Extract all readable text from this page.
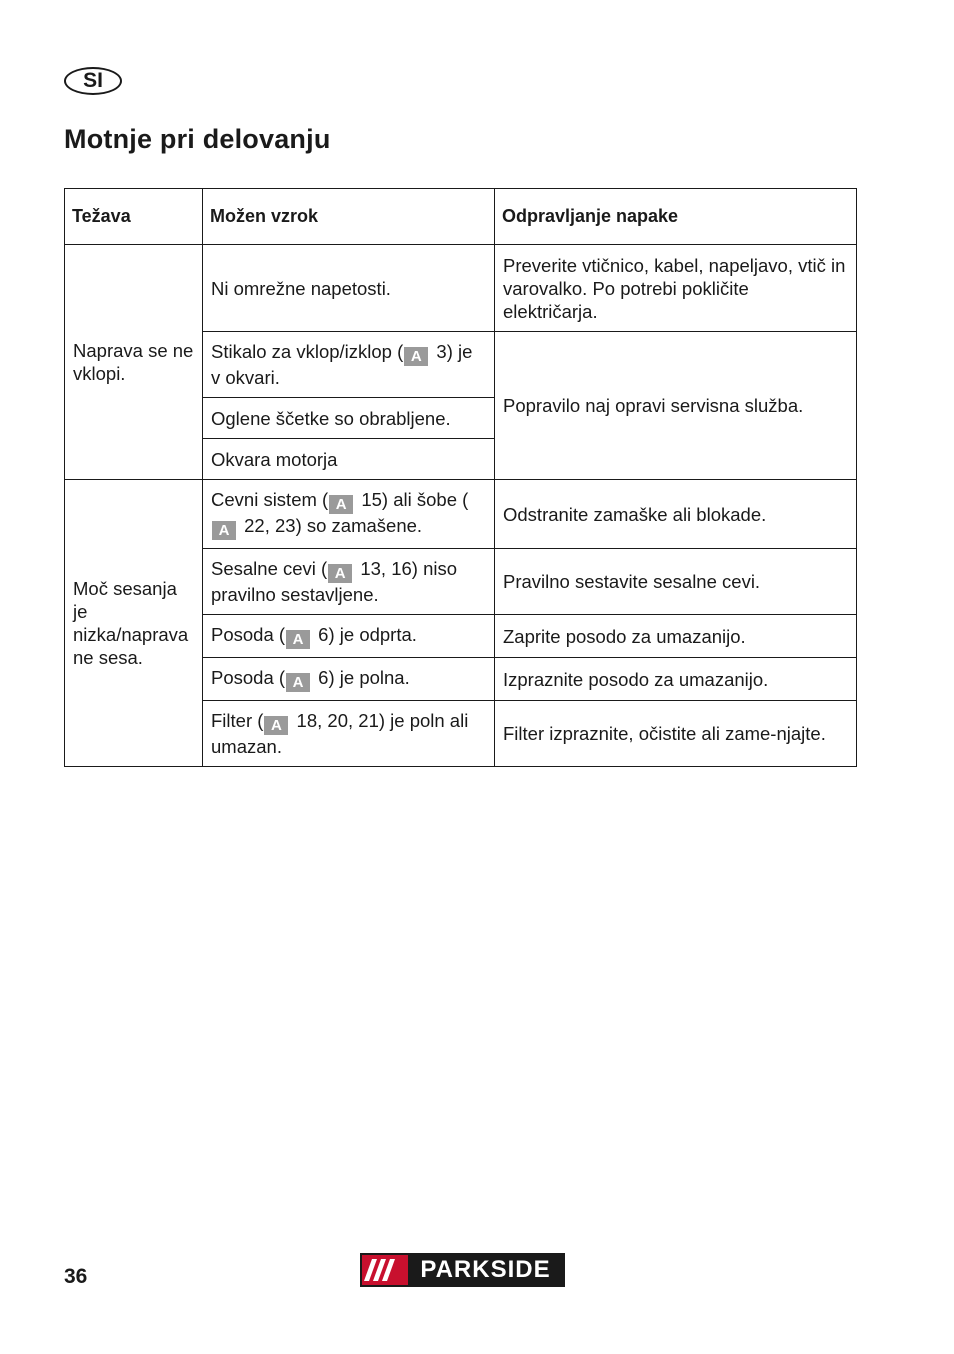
SI
Motnje pri delovanju
Težava	Možen vzrok	Odpravljanje napake
Naprava se ne vklopi.	Ni omrežne napetosti.	Preverite vtičnico, kabel, napeljavo, vtič in varovalko. Po potrebi pokličite električarja.
	Stikalo za vklop/izklop ( A 3) je v okvari.	Popravilo naj opravi servisna služba.
	Oglene ščetke so obrabljene.	
	Okvara motorja	
Moč sesanja je nizka/naprava ne sesa.	Cevni sistem ( A 15) ali šobe (A 22, 23) so zamašene.	Odstranite zamaške ali blokade.
	Sesalne cevi ( A 13, 16) niso pravilno sestavljene.	Pravilno sestavite sesalne cevi.
	Posoda ( A 6) je odprta.	Zaprite posodo za umazanijo.
	Posoda ( A 6) je polna.	Izpraznite posodo za umazanijo.
	Filter ( A 18, 20, 21) je poln ali umazan.	Filter izpraznite, očistite ali zame-njajte.
36	PARKSIDE
